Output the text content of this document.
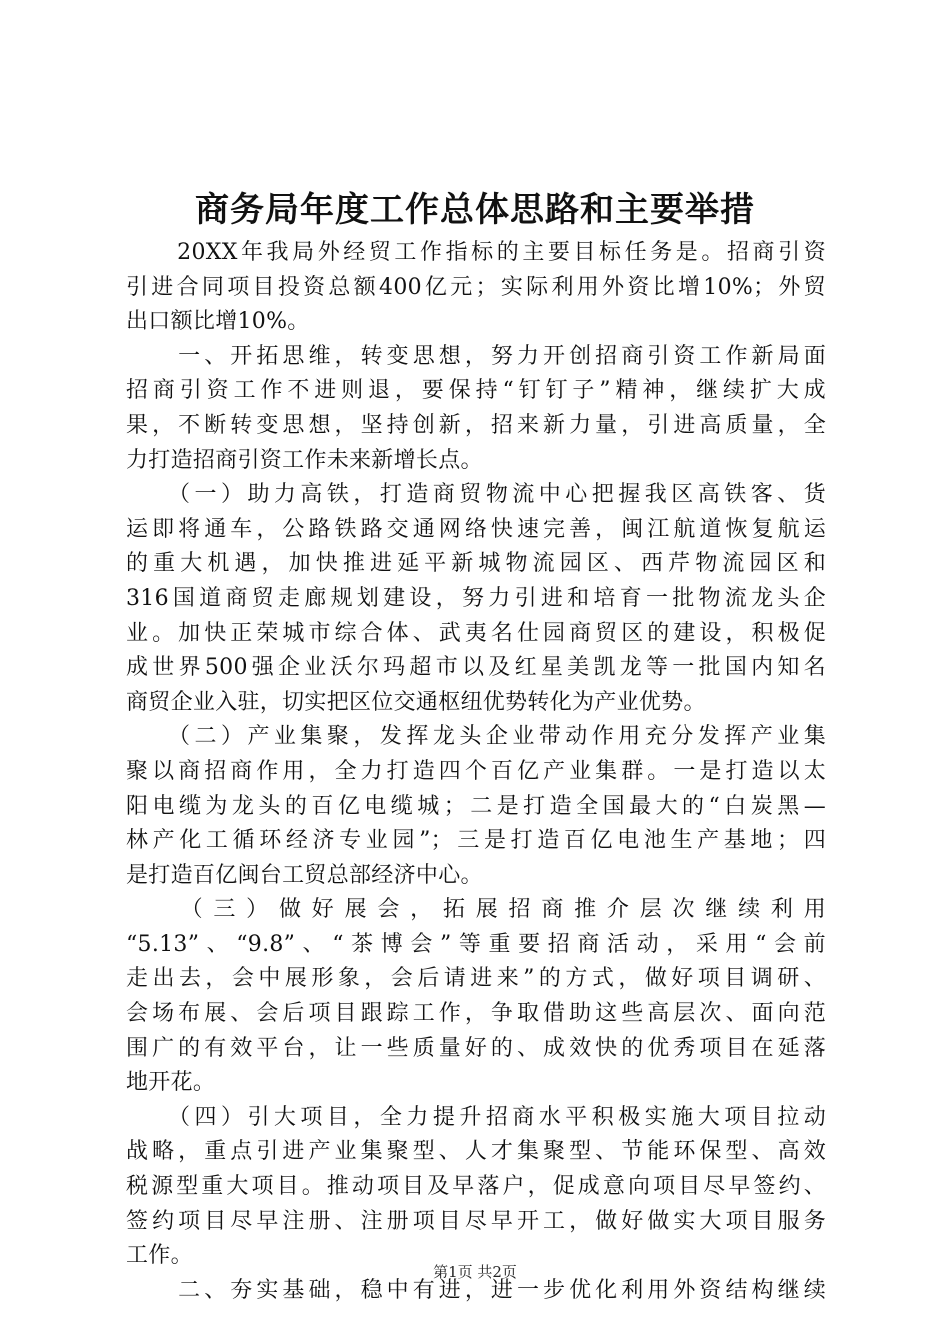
商务局年度工作总体思路和主要举措
　　20XX年我局外经贸工作指标的主要目标任务是。招商引资
引进合同项目投资总额400亿元；实际利用外资比增10%；外贸
出口额比增10%。
　　一、开拓思维，转变思想，努力开创招商引资工作新局面
招商引资工作不进则退，要保持“钉钉子”精神，继续扩大成
果，不断转变思想，坚持创新，招来新力量，引进高质量，全
力打造招商引资工作未来新增长点。
　　（一）助力高铁，打造商贸物流中心把握我区高铁客、货
运即将通车，公路铁路交通网络快速完善，闽江航道恢复航运
的重大机遇，加快推进延平新城物流园区、西芹物流园区和
316国道商贸走廊规划建设，努力引进和培育一批物流龙头企
业。加快正荣城市综合体、武夷名仕园商贸区的建设，积极促
成世界500强企业沃尔玛超市以及红星美凯龙等一批国内知名
商贸企业入驻，切实把区位交通枢纽优势转化为产业优势。
　　（二）产业集聚，发挥龙头企业带动作用充分发挥产业集
聚以商招商作用，全力打造四个百亿产业集群。一是打造以太
阳电缆为龙头的百亿电缆城；二是打造全国最大的“白炭黑—
林产化工循环经济专业园”；三是打造百亿电池生产基地；四
是打造百亿闽台工贸总部经济中心。
　　（三）做好展会，拓展招商推介层次继续利用
“5.13”、“9.8”、“茶博会”等重要招商活动，采用“会前
走出去，会中展形象，会后请进来”的方式，做好项目调研、
会场布展、会后项目跟踪工作，争取借助这些高层次、面向范
围广的有效平台，让一些质量好的、成效快的优秀项目在延落
地开花。
　　（四）引大项目，全力提升招商水平积极实施大项目拉动
战略，重点引进产业集聚型、人才集聚型、节能环保型、高效
税源型重大项目。推动项目及早落户，促成意向项目尽早签约、
签约项目尽早注册、注册项目尽早开工，做好做实大项目服务
工作。
　　二、夯实基础，稳中有进，进一步优化利用外资结构继续
第1页 共2页
